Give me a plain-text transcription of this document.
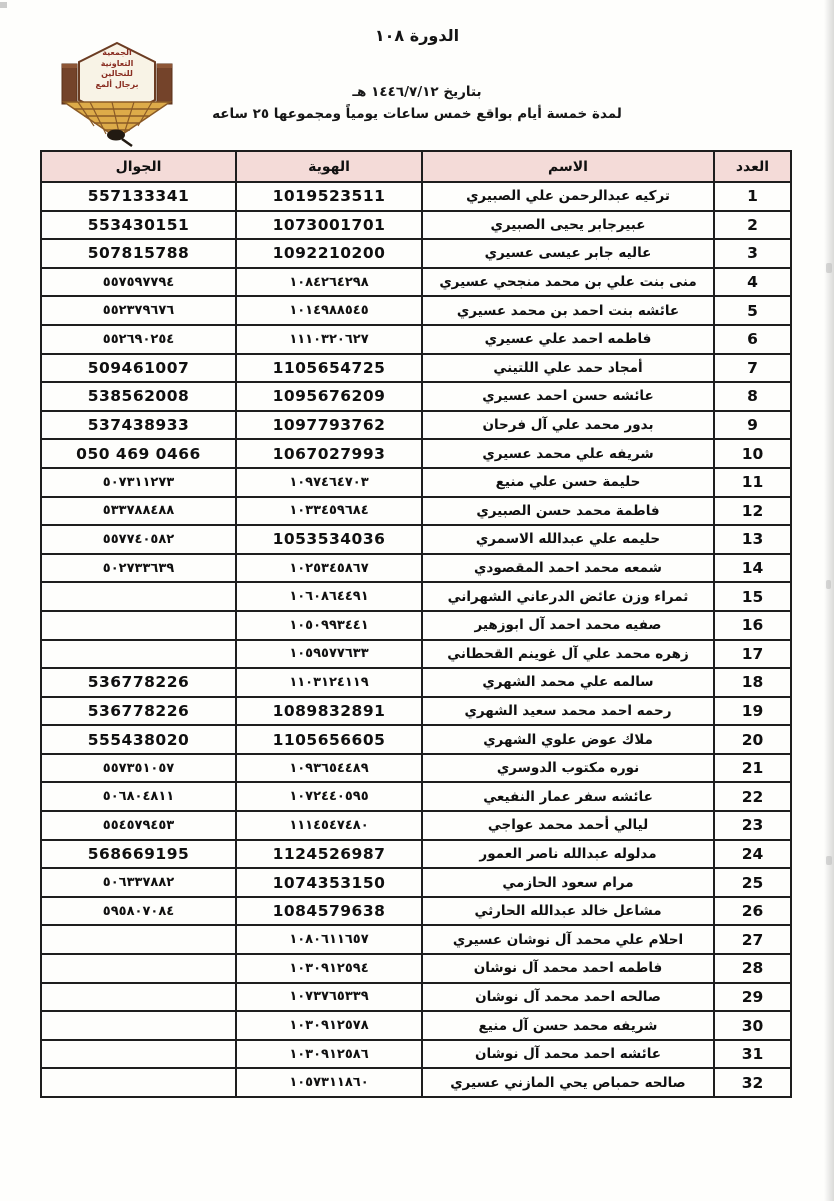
الدورة ١٠٨
الجمعية
التعاونية
للنحالين
برجال ألمع	بتاريخ ١٤٤٦/٧/١٢ هـ

لمدة خمسة أيام بواقع خمس ساعات يومياً ومجموعها ٢٥ ساعه

العدد	الاسم	الهوية	الجوال
1	تركيه عبدالرحمن علي الصبيري	1019523511	557133341
2	عبيرجابر يحيى الصبيري	1073001701	553430151
3	عاليه جابر عيسى عسيري	1092210200	507815788
4	منى بنت علي بن محمد منجحي عسيري	١٠٨٤٢٦٤٢٩٨	٥٥٧٥٩٧٧٩٤
5	عائشه بنت احمد بن محمد عسيري	١٠١٤٩٨٨٥٤٥	٥٥٢٣٧٩٦٧٦
6	فاطمه احمد علي عسيري	١١١٠٣٢٠٦٢٧	٥٥٢٦٩٠٢٥٤
7	أمجاد حمد علي اللتيني	1105654725	509461007
8	عائشه حسن احمد عسيري	1095676209	538562008
9	بدور محمد علي آل فرحان	1097793762	537438933
10	شريفه علي محمد عسيري	1067027993	050 469 0466
11	حليمة حسن علي منيع	١٠٩٧٤٦٤٧٠٣	٥٠٧٣١١٢٧٣
12	فاطمة محمد حسن الصبيري	١٠٣٣٤٥٩٦٨٤	٥٣٣٧٨٨٤٨٨
13	حليمه علي عبدالله الاسمري	1053534036	٥٥٧٧٤٠٥٨٢
14	شمعه محمد احمد المقصودي	١٠٢٥٣٤٥٨٦٧	٥٠٢٧٣٣٦٣٩
15	ثمراء وزن عائض الدرعاني الشهراني	١٠٦٠٨٦٤٤٩١	
16	صفيه محمد احمد آل ابوزهير	١٠٥٠٩٩٣٤٤١	
17	زهره محمد علي آل غوينم القحطاني	١٠٥٩٥٧٧٦٣٣	
18	سالمه علي محمد الشهري	١١٠٣١٢٤١١٩	536778226
19	رحمه احمد محمد سعيد الشهري	1089832891	536778226
20	ملاك عوض علوي الشهري	1105656605	555438020
21	نوره مكتوب الدوسري	١٠٩٣٦٥٤٤٨٩	٥٥٧٣٥١٠٥٧
22	عائشه سفر عمار النفيعي	١٠٧٢٤٤٠٥٩٥	٥٠٦٨٠٤٨١١
23	ليالي أحمد محمد عواجي	١١١٤٥٤٧٤٨٠	٥٥٤٥٧٩٤٥٣
24	مدلوله عبدالله ناصر العمور	1124526987	568669195
25	مرام سعود الحازمي	1074353150	٥٠٦٣٣٧٨٨٢
26	مشاعل خالد عبدالله الحارثي	1084579638	٥٩٥٨٠٧٠٨٤
27	احلام علي محمد آل نوشان عسيري	١٠٨٠٦١١٦٥٧	
28	فاطمه احمد محمد آل نوشان	١٠٣٠٩١٢٥٩٤	
29	صالحه احمد محمد آل نوشان	١٠٧٣٧٦٥٣٣٩	
30	شريفه محمد حسن آل منيع	١٠٣٠٩١٢٥٧٨	
31	عائشه احمد محمد آل نوشان	١٠٣٠٩١٢٥٨٦	
32	صالحه حمباص يحي المازني عسيري	١٠٥٧٣١١٨٦٠	
